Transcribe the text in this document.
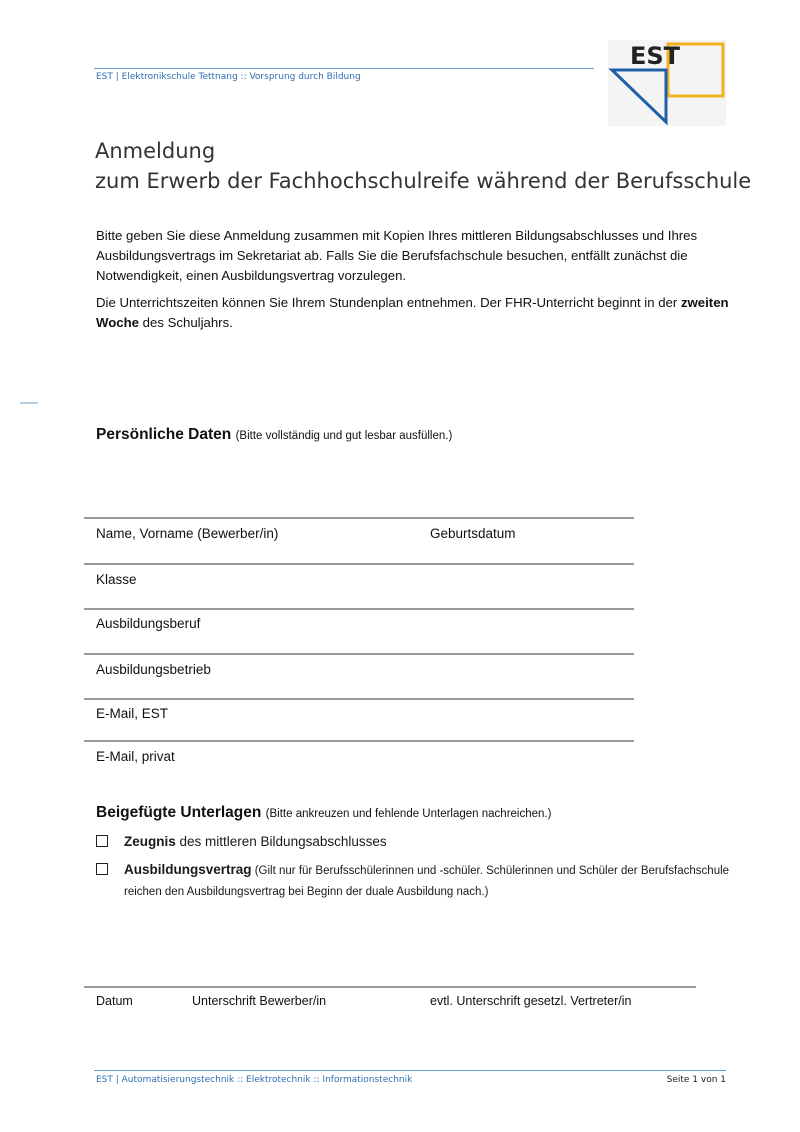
EST | Elektronikschule Tettnang :: Vorsprung durch Bildung
EST
Anmeldung
zum Erwerb der Fachhochschulreife während der Berufsschule
Bitte geben Sie diese Anmeldung zusammen mit Kopien Ihres mittleren Bildungsabschlusses und Ihres Ausbildungsvertrags im Sekretariat ab. Falls Sie die Berufsfachschule besuchen, entfällt zunächst die Notwendigkeit, einen Ausbildungsvertrag vorzulegen.
Die Unterrichtszeiten können Sie Ihrem Stundenplan entnehmen. Der FHR-Unterricht beginnt in der zweiten Woche des Schuljahrs.
Persönliche Daten (Bitte vollständig und gut lesbar ausfüllen.)
Name, Vorname (Bewerber/in)	Geburtsdatum
Klasse
Ausbildungsberuf
Ausbildungsbetrieb
E-Mail, EST
E-Mail, privat
Beigefügte Unterlagen (Bitte ankreuzen und fehlende Unterlagen nachreichen.)
Zeugnis des mittleren Bildungsabschlusses
Ausbildungsvertrag (Gilt nur für Berufsschülerinnen und -schüler. Schülerinnen und Schüler der Berufsfachschule reichen den Ausbildungsvertrag bei Beginn der duale Ausbildung nach.)
Datum	Unterschrift Bewerber/in	evtl. Unterschrift gesetzl. Vertreter/in
EST | Automatisierungstechnik :: Elektrotechnik :: Informationstechnik	Seite 1 von 1
